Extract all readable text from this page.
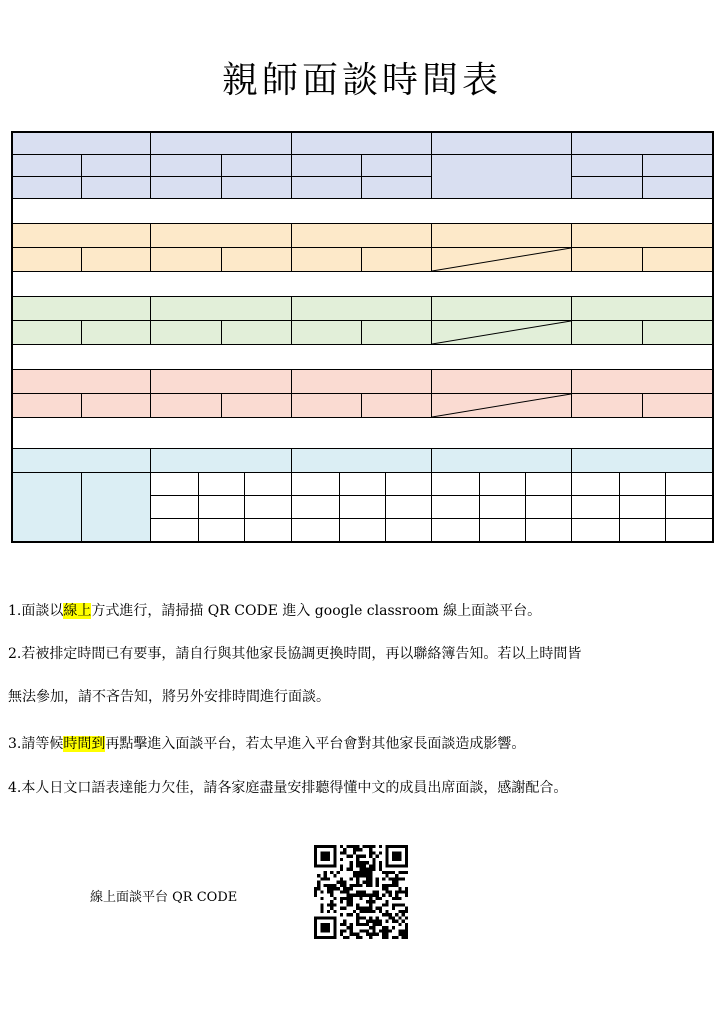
親師面談時間表
1.面談以線上方式進行，請掃描 QR CODE 進入 google classroom 線上面談平台。
2.若被排定時間已有要事，請自行與其他家長協調更換時間，再以聯絡簿告知。若以上時間皆
無法參加，請不吝告知，將另外安排時間進行面談。
3.請等候時間到再點擊進入面談平台，若太早進入平台會對其他家長面談造成影響。
4.本人日文口語表達能力欠佳，請各家庭盡量安排聽得懂中文的成員出席面談，感謝配合。
線上面談平台 QR CODE
